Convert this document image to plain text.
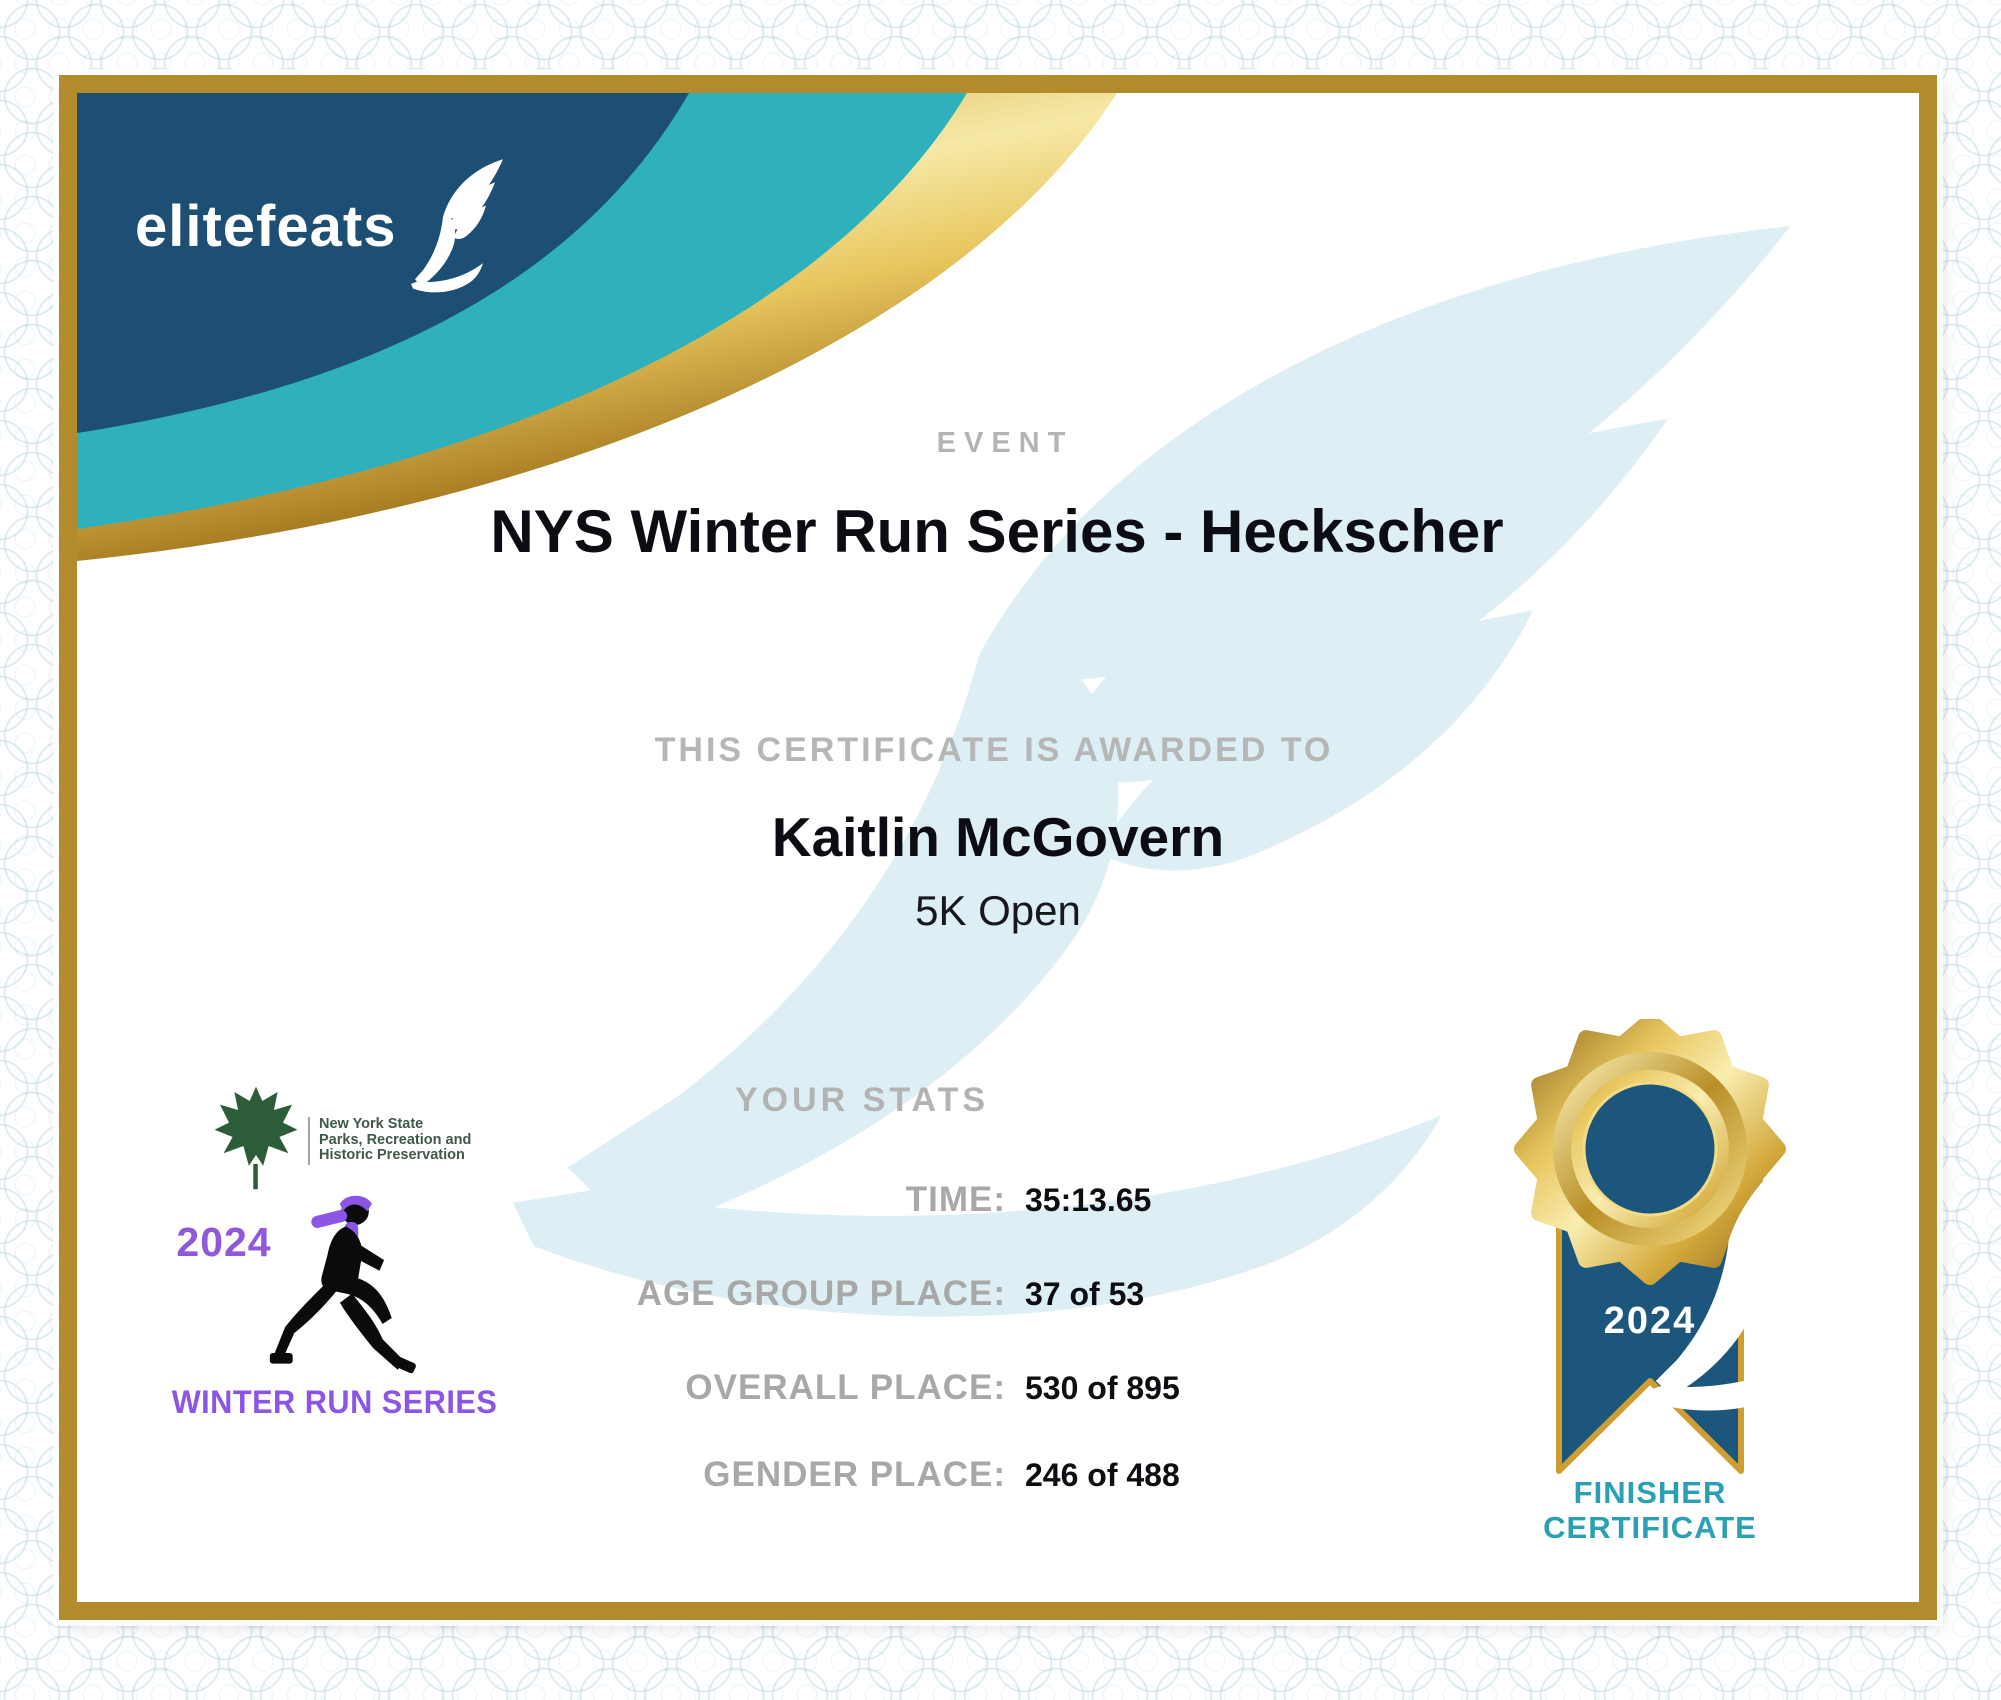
elitefeats
EVENT
NYS Winter Run Series - Heckscher
THIS CERTIFICATE IS AWARDED TO
Kaitlin McGovern
5K Open
YOUR STATS
TIME: 35:13.65
AGE GROUP PLACE: 37 of 53
OVERALL PLACE: 530 of 895
GENDER PLACE: 246 of 488
New York State
Parks, Recreation and
Historic Preservation
2024
WINTER RUN SERIES
2024
FINISHER
CERTIFICATE
